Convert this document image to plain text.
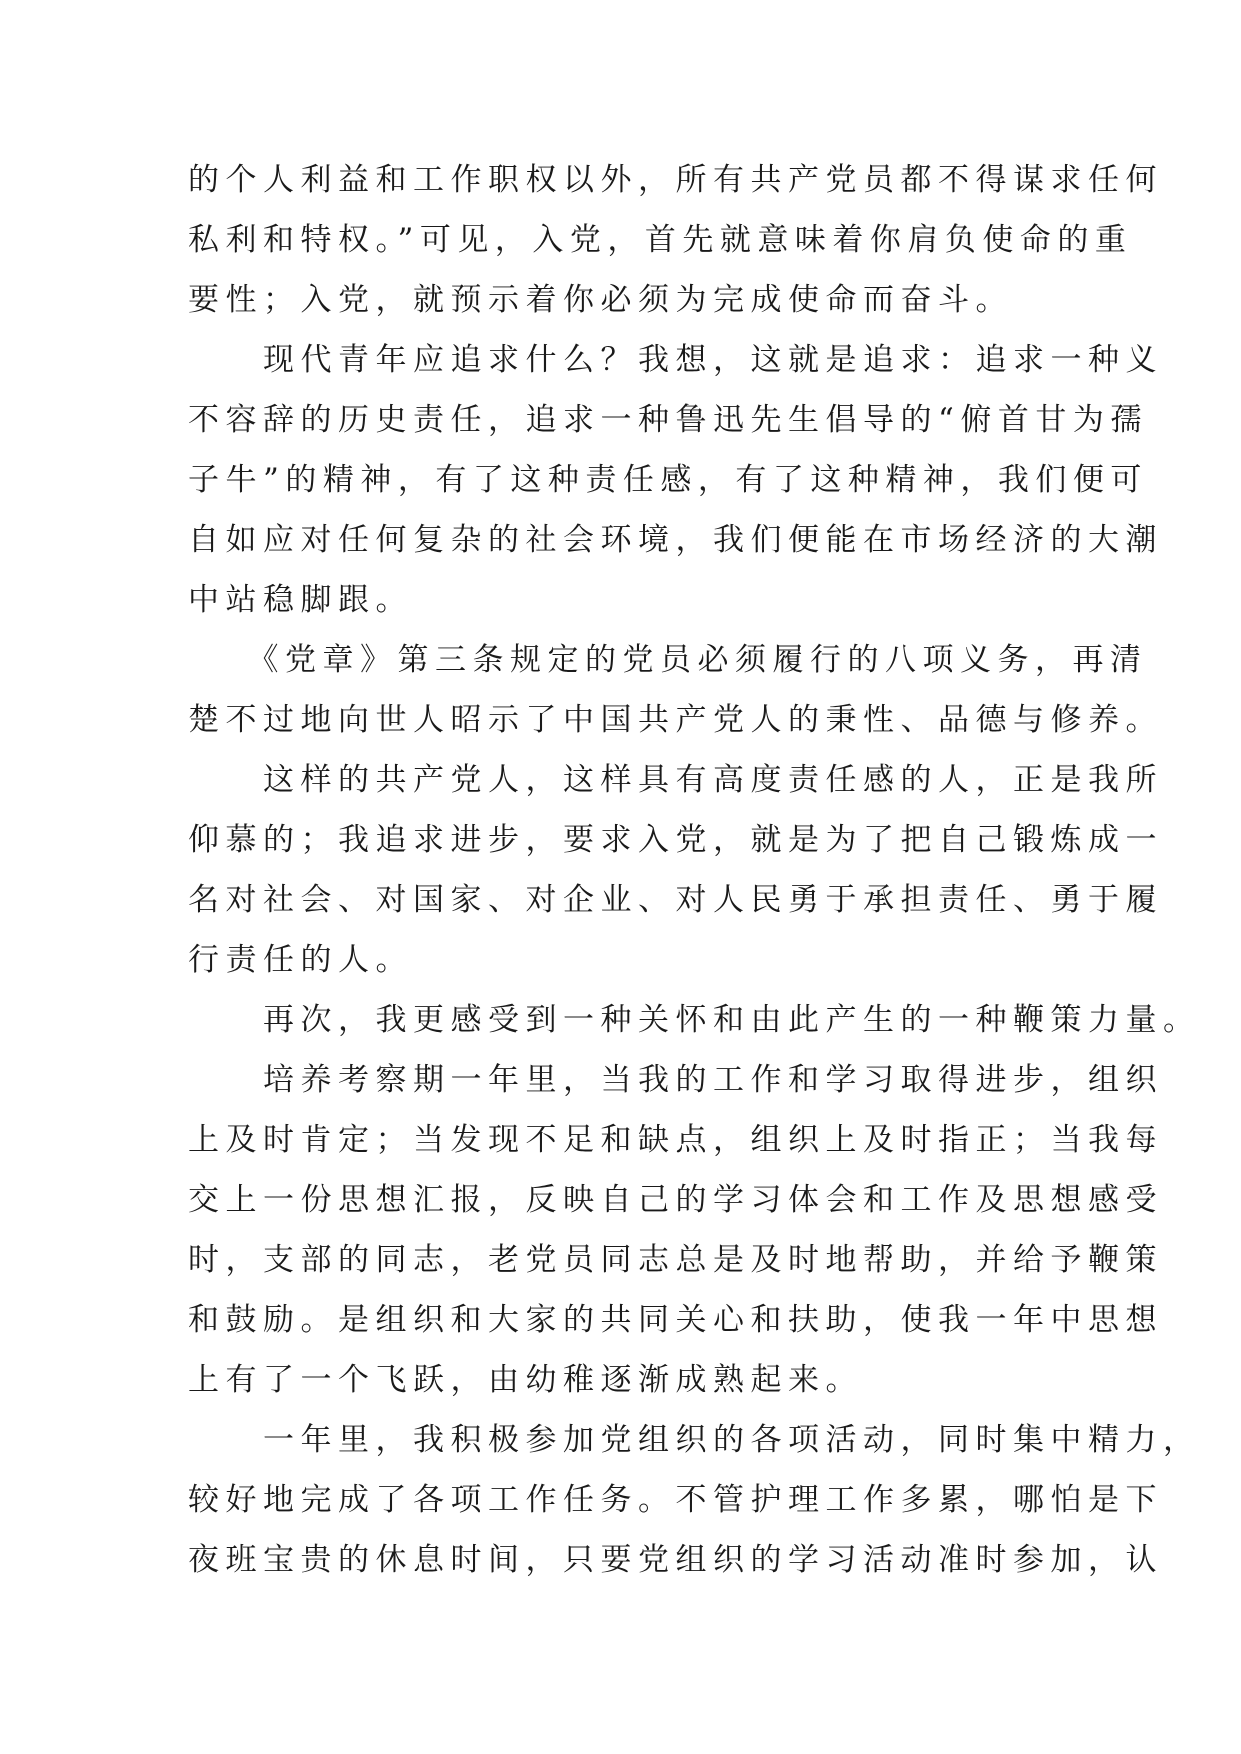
的个人利益和工作职权以外，所有共产党员都不得谋求任何
私利和特权。”可见，入党，首先就意味着你肩负使命的重
要性；入党，就预示着你必须为完成使命而奋斗。
　　现代青年应追求什么？我想，这就是追求：追求一种义
不容辞的历史责任，追求一种鲁迅先生倡导的“俯首甘为孺
子牛”的精神，有了这种责任感，有了这种精神，我们便可
自如应对任何复杂的社会环境，我们便能在市场经济的大潮
中站稳脚跟。
　　《党章》第三条规定的党员必须履行的八项义务，再清
楚不过地向世人昭示了中国共产党人的秉性、品德与修养。
　　这样的共产党人，这样具有高度责任感的人，正是我所
仰慕的；我追求进步，要求入党，就是为了把自己锻炼成一
名对社会、对国家、对企业、对人民勇于承担责任、勇于履
行责任的人。
　　再次，我更感受到一种关怀和由此产生的一种鞭策力量。
　　培养考察期一年里，当我的工作和学习取得进步，组织
上及时肯定；当发现不足和缺点，组织上及时指正；当我每
交上一份思想汇报，反映自己的学习体会和工作及思想感受
时，支部的同志，老党员同志总是及时地帮助，并给予鞭策
和鼓励。是组织和大家的共同关心和扶助，使我一年中思想
上有了一个飞跃，由幼稚逐渐成熟起来。
　　一年里，我积极参加党组织的各项活动，同时集中精力，
较好地完成了各项工作任务。不管护理工作多累，哪怕是下
夜班宝贵的休息时间，只要党组织的学习活动准时参加，认
